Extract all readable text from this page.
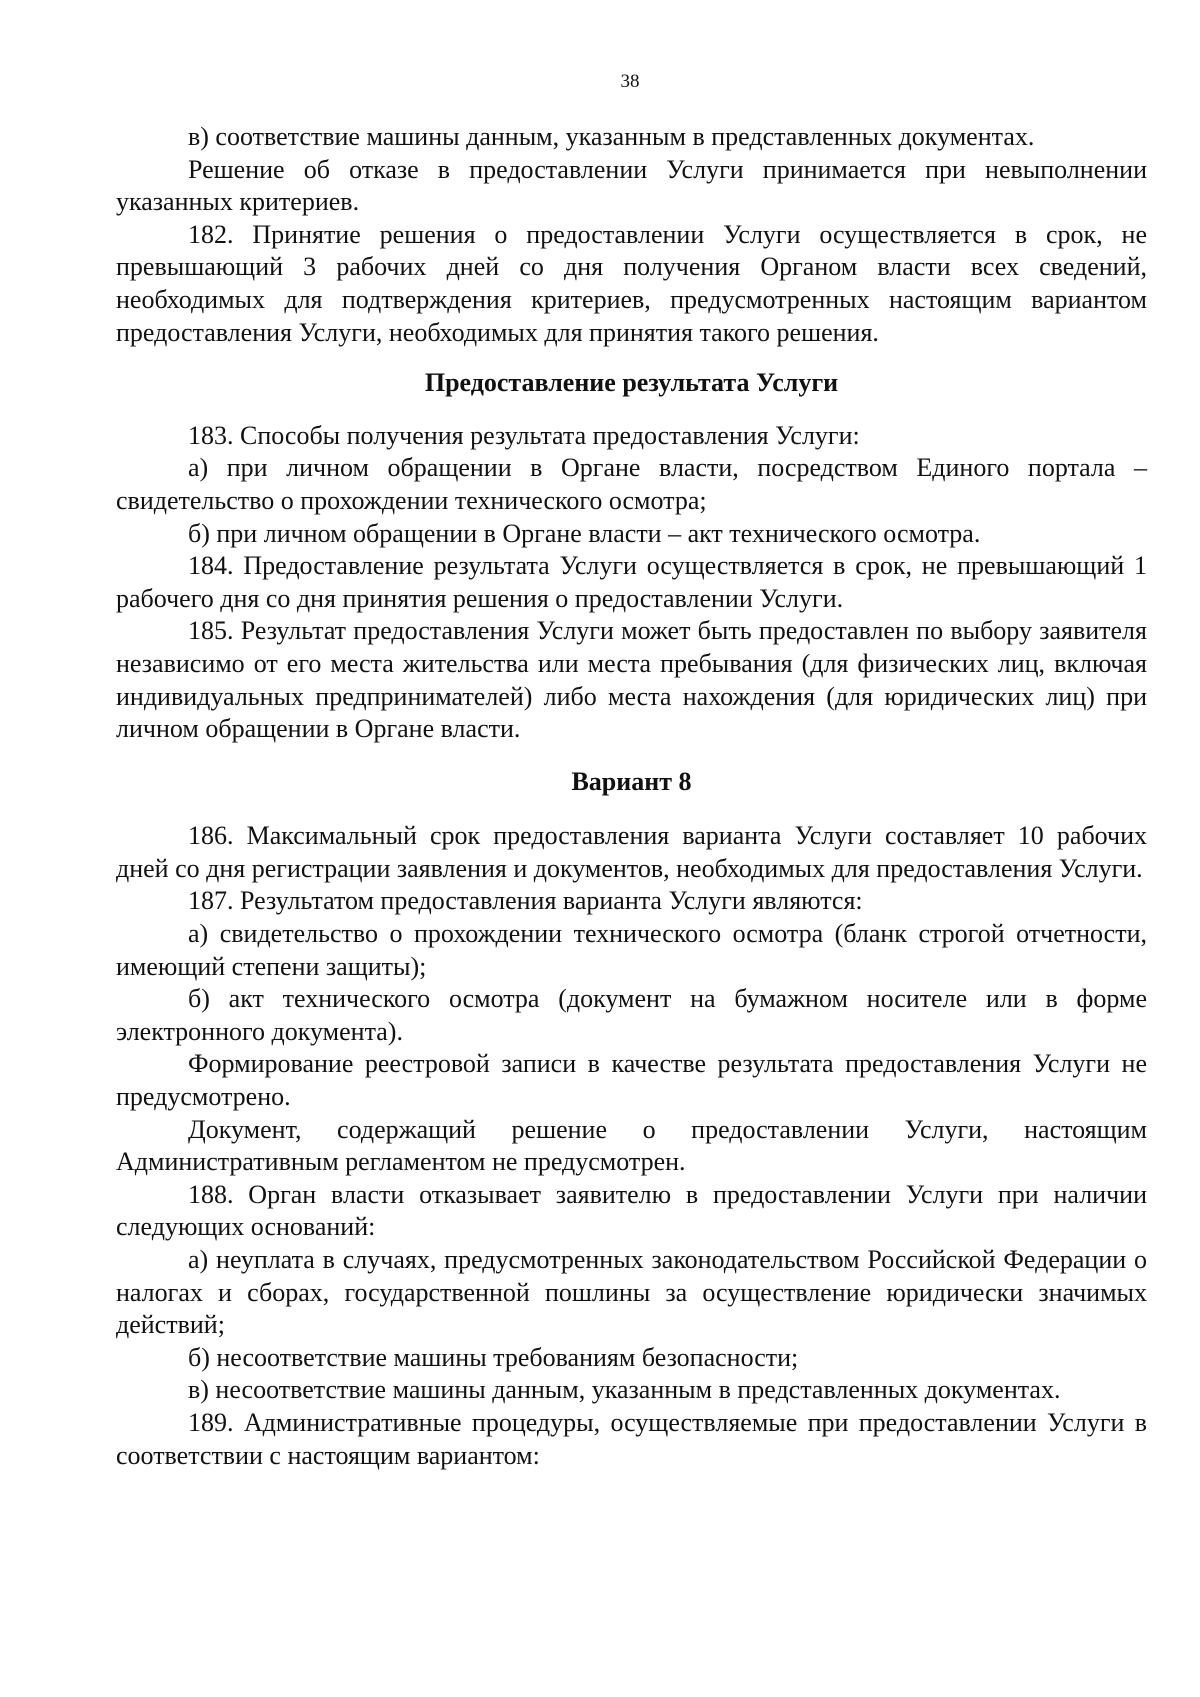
38

в) соответствие машины данным, указанным в представленных документах.

Решение об отказе в предоставлении Услуги принимается при невыполнении указанных критериев.

182. Принятие решения о предоставлении Услуги осуществляется в срок, не превышающий 3 рабочих дней со дня получения Органом власти всех сведений, необходимых для подтверждения критериев, предусмотренных настоящим вариантом предоставления Услуги, необходимых для принятия такого решения.

Предоставление результата Услуги

183. Способы получения результата предоставления Услуги:

а) при личном обращении в Органе власти, посредством Единого портала – свидетельство о прохождении технического осмотра;

б) при личном обращении в Органе власти – акт технического осмотра.

184. Предоставление результата Услуги осуществляется в срок, не превышающий 1 рабочего дня со дня принятия решения о предоставлении Услуги.

185. Результат предоставления Услуги может быть предоставлен по выбору заявителя независимо от его места жительства или места пребывания (для физических лиц, включая индивидуальных предпринимателей) либо места нахождения (для юридических лиц) при личном обращении в Органе власти.

Вариант 8

186. Максимальный срок предоставления варианта Услуги составляет 10 рабочих дней со дня регистрации заявления и документов, необходимых для предоставления Услуги.

187. Результатом предоставления варианта Услуги являются:

а) свидетельство о прохождении технического осмотра (бланк строгой отчетности, имеющий степени защиты);

б) акт технического осмотра (документ на бумажном носителе или в форме электронного документа).

Формирование реестровой записи в качестве результата предоставления Услуги не предусмотрено.

Документ, содержащий решение о предоставлении Услуги, настоящим Административным регламентом не предусмотрен.

188. Орган власти отказывает заявителю в предоставлении Услуги при наличии следующих оснований:

а) неуплата в случаях, предусмотренных законодательством Российской Федерации о налогах и сборах, государственной пошлины за осуществление юридически значимых действий;

б) несоответствие машины требованиям безопасности;

в) несоответствие машины данным, указанным в представленных документах.

189. Административные процедуры, осуществляемые при предоставлении Услуги в соответствии с настоящим вариантом:
